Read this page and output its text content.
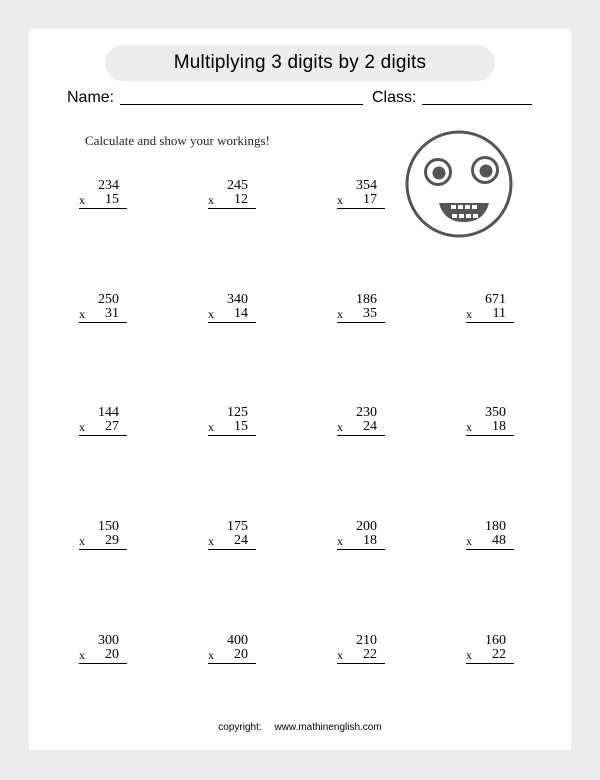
Multiplying 3 digits by 2 digits
Name:	Class:
Calculate and show your workings!
234
x 15
245
x 12
354
x 17
250
x 31
340
x 14
186
x 35
671
x 11
144
x 27
125
x 15
230
x 24
350
x 18
150
x 29
175
x 24
200
x 18
180
x 48
300
x 20
400
x 20
210
x 22
160
x 22
copyright: www.mathinenglish.com
